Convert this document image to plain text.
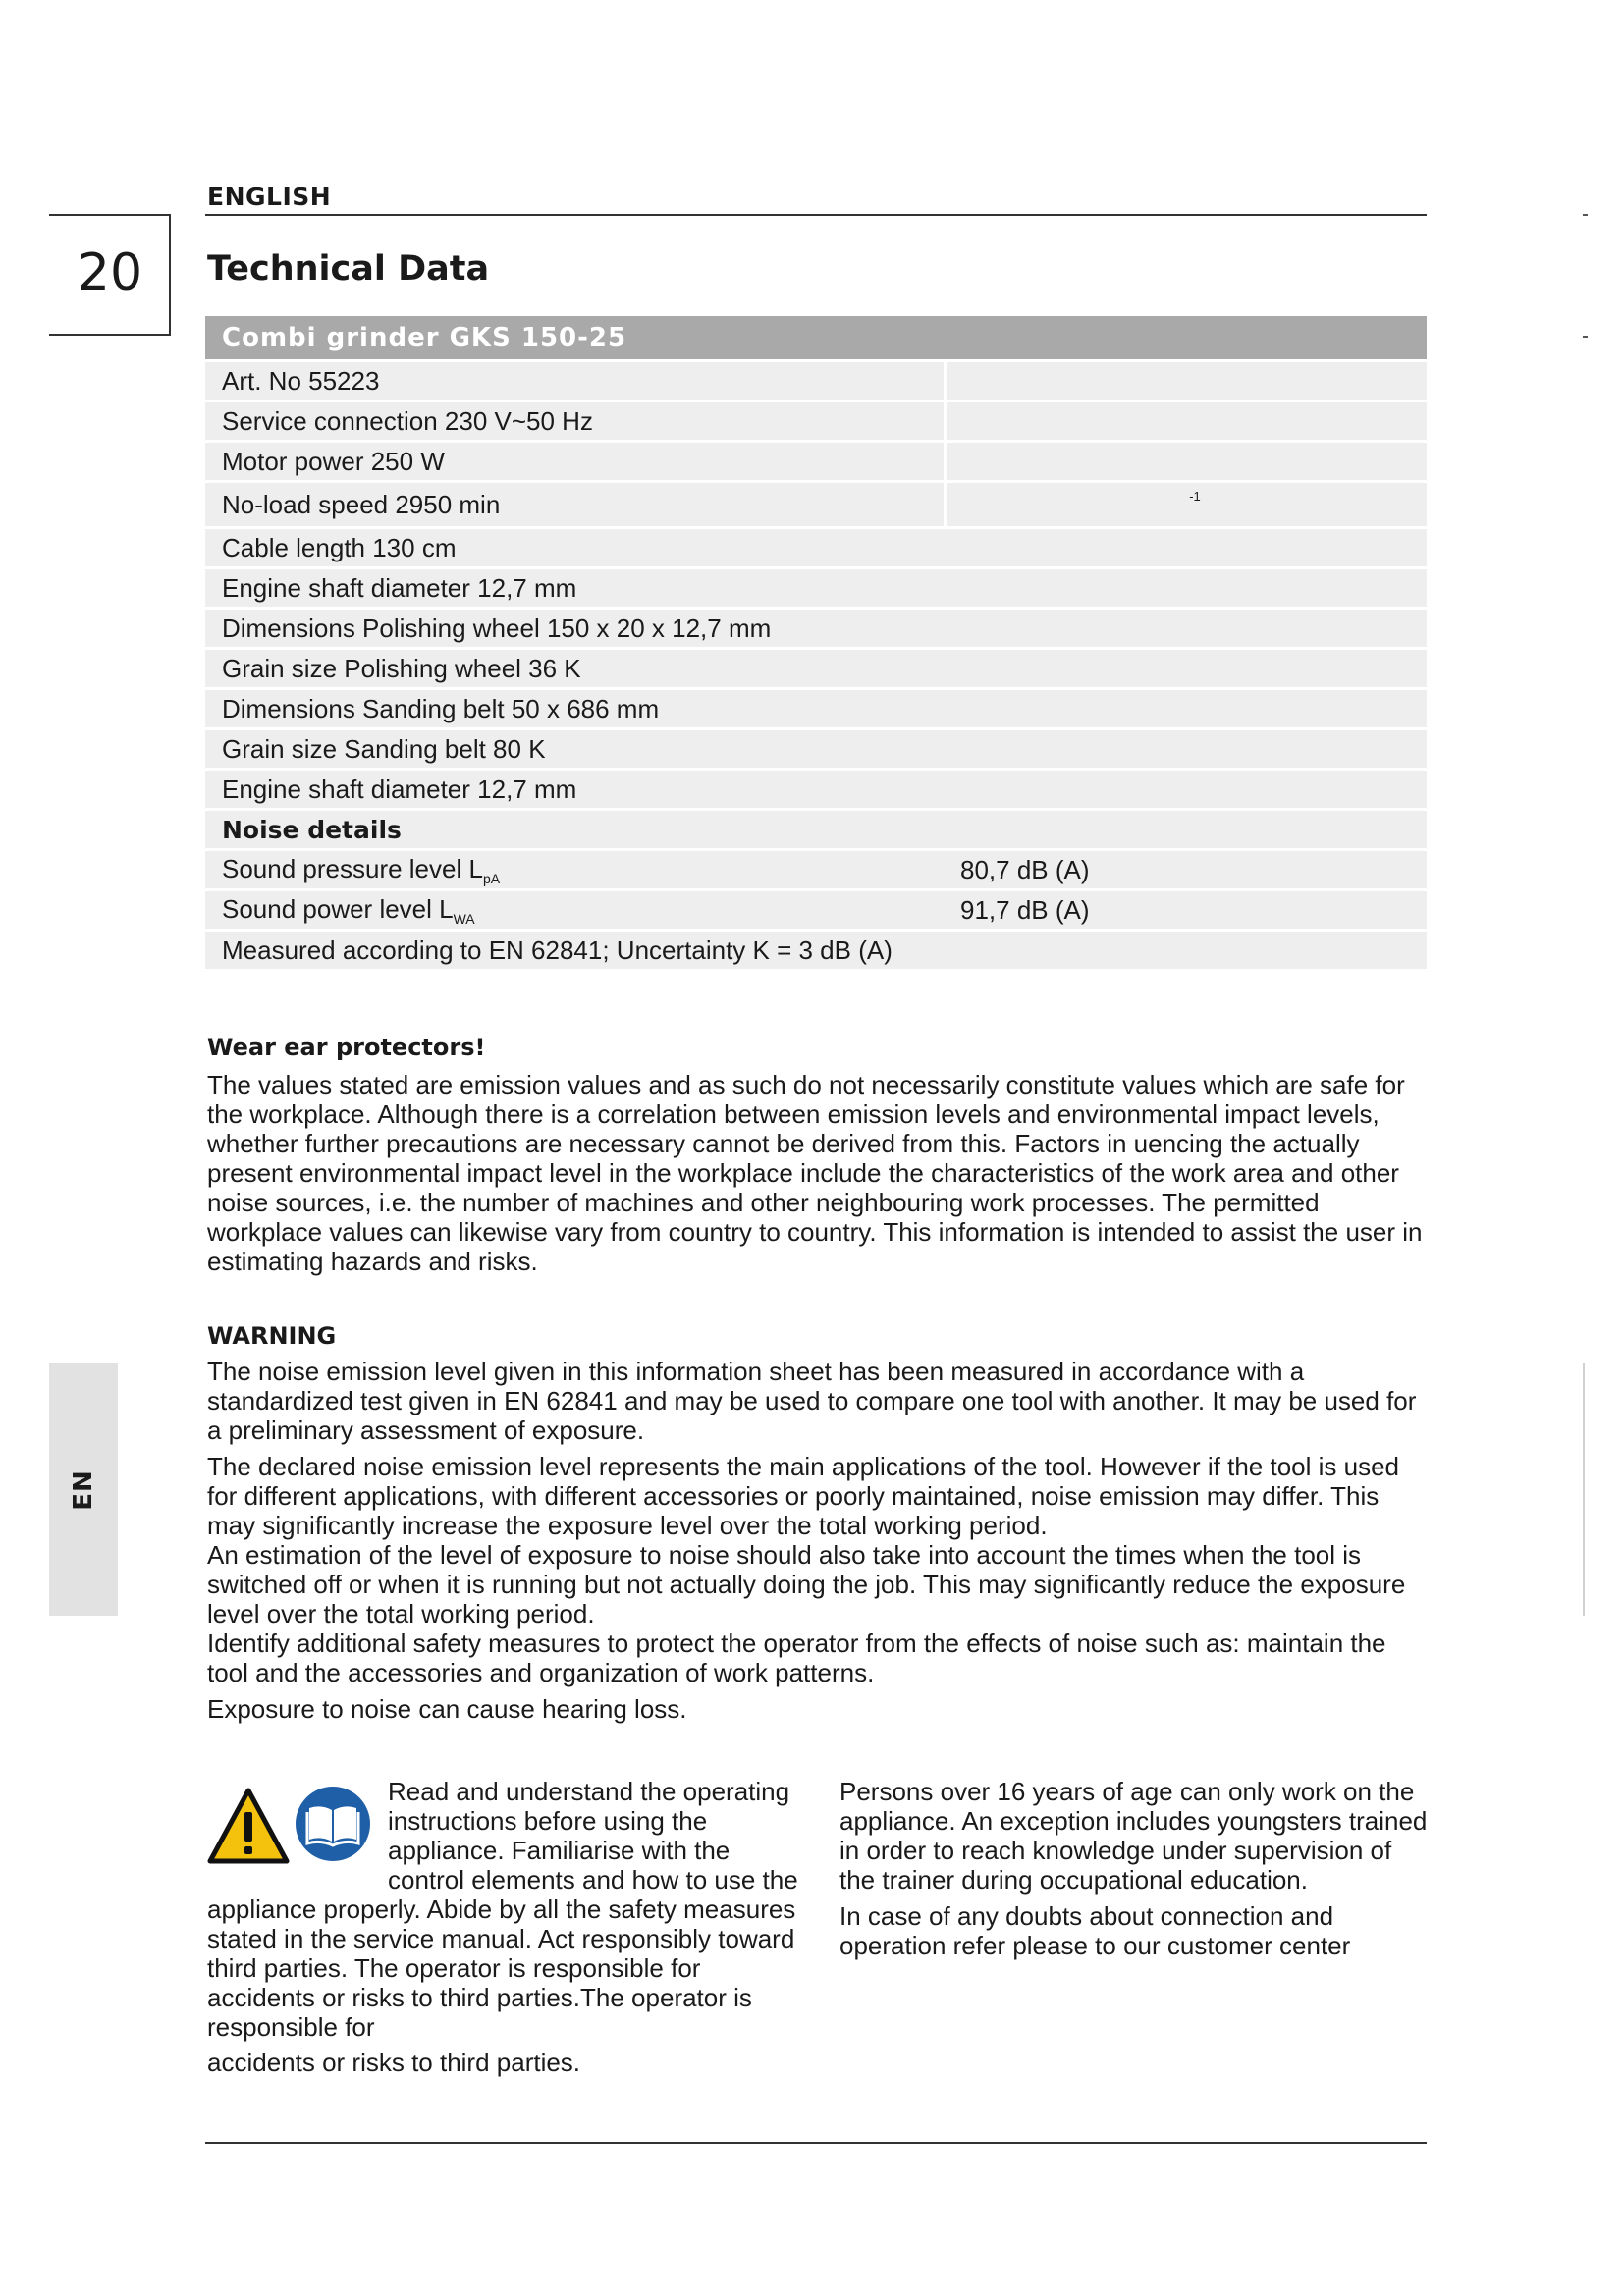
ENGLISH
20	Technical Data
EN
Combi grinder GKS 150-25	
Art. No 55223	
Service connection 230 V~50 Hz	
Motor power 250 W	
No-load speed 2950 min	-1
Cable length 130 cm	
Engine shaft diameter 12,7 mm	
Dimensions Polishing wheel 150 x 20 x 12,7 mm	
Grain size Polishing wheel 36 K	
Dimensions Sanding belt 50 x 686 mm	
Grain size Sanding belt 80 K	
Engine shaft diameter 12,7 mm	
Noise details	
Sound pressure level $L_{pA}$	80,7 dB (A)
Sound power level $L_{WA}$	91,7 dB (A)
Measured according to EN 62841; Uncertainty K = 3 dB (A)	
Wear ear protectors!
The values stated are emission values and as such do not necessarily constitute values which are safe for the workplace. Although there is a correlation between emission levels and environmental impact levels, whether further precautions are necessary cannot be derived from this. Factors in uencing the actually present environmental impact level in the workplace include the characteristics of the work area and other noise sources, i.e. the number of machines and other neighbouring work processes. The permitted workplace values can likewise vary from country to country. This information is intended to assist the user in estimating hazards and risks.
WARNING
The noise emission level given in this information sheet has been measured in accordance with a standardized test given in EN 62841 and may be used to compare one tool with another. It may be used for a preliminary assessment of exposure.
The declared noise emission level represents the main applications of the tool. However if the tool is used for different applications, with different accessories or poorly maintained, noise emission may differ. This may significantly increase the exposure level over the total working period.
An estimation of the level of exposure to noise should also take into account the times when the tool is switched off or when it is running but not actually doing the job. This may significantly reduce the exposure level over the total working period.
Identify additional safety measures to protect the operator from the effects of noise such as: maintain the tool and the accessories and organization of work patterns.
Exposure to noise can cause hearing loss.
Read and understand the operating instructions before using the appliance. Familiarise with the control elements and how to use the appliance properly. Abide by all the safety measures stated in the service manual. Act responsibly toward third parties. The operator is responsible for accidents or risks to third parties.The operator is responsible for
accidents or risks to third parties.
Persons over 16 years of age can only work on the appliance. An exception includes youngsters trained in order to reach knowledge under supervision of the trainer during occupational education.
In case of any doubts about connection and operation refer please to our customer center
